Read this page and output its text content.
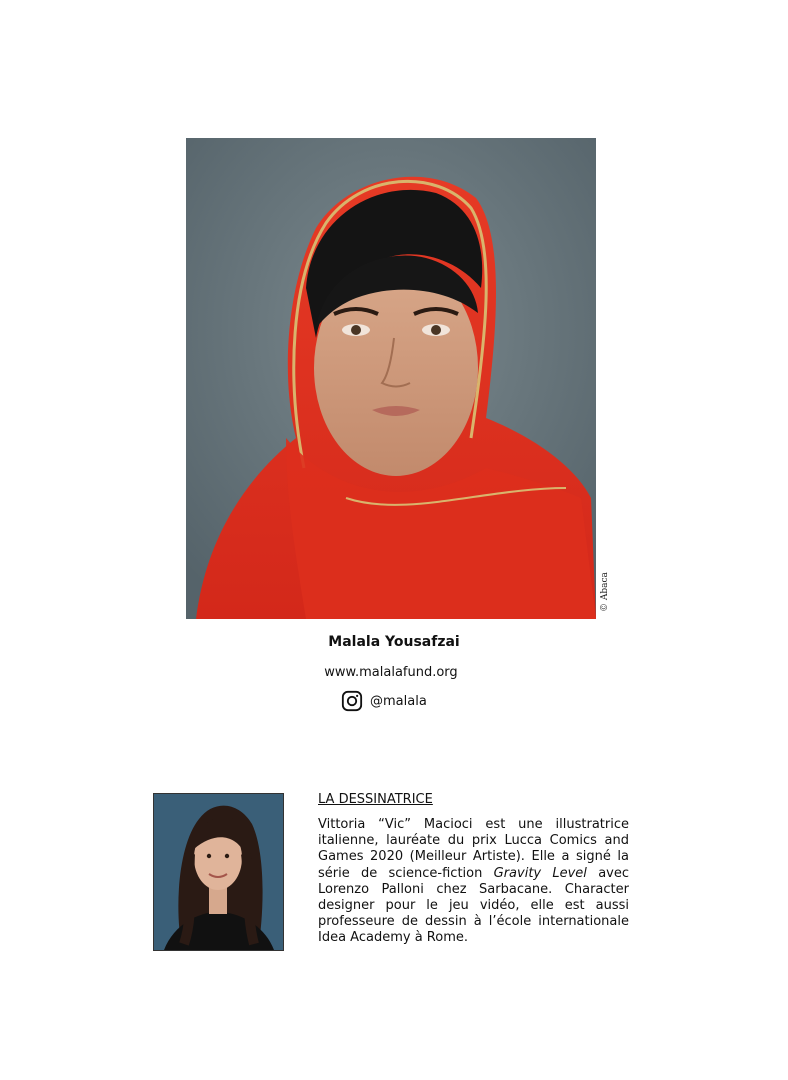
© Abaca
Malala Yousafzai
www.malalafund.org
@malala
LA DESSINATRICE
Vittoria “Vic” Macioci est une illustratrice italienne, lauréate du prix Lucca Comics and Games 2020 (Meilleur Artiste). Elle a signé la série de science-fiction Gravity Level avec Lorenzo Palloni chez Sarbacane. Character designer pour le jeu vidéo, elle est aussi professeure de dessin à l’école internationale Idea Academy à Rome.
